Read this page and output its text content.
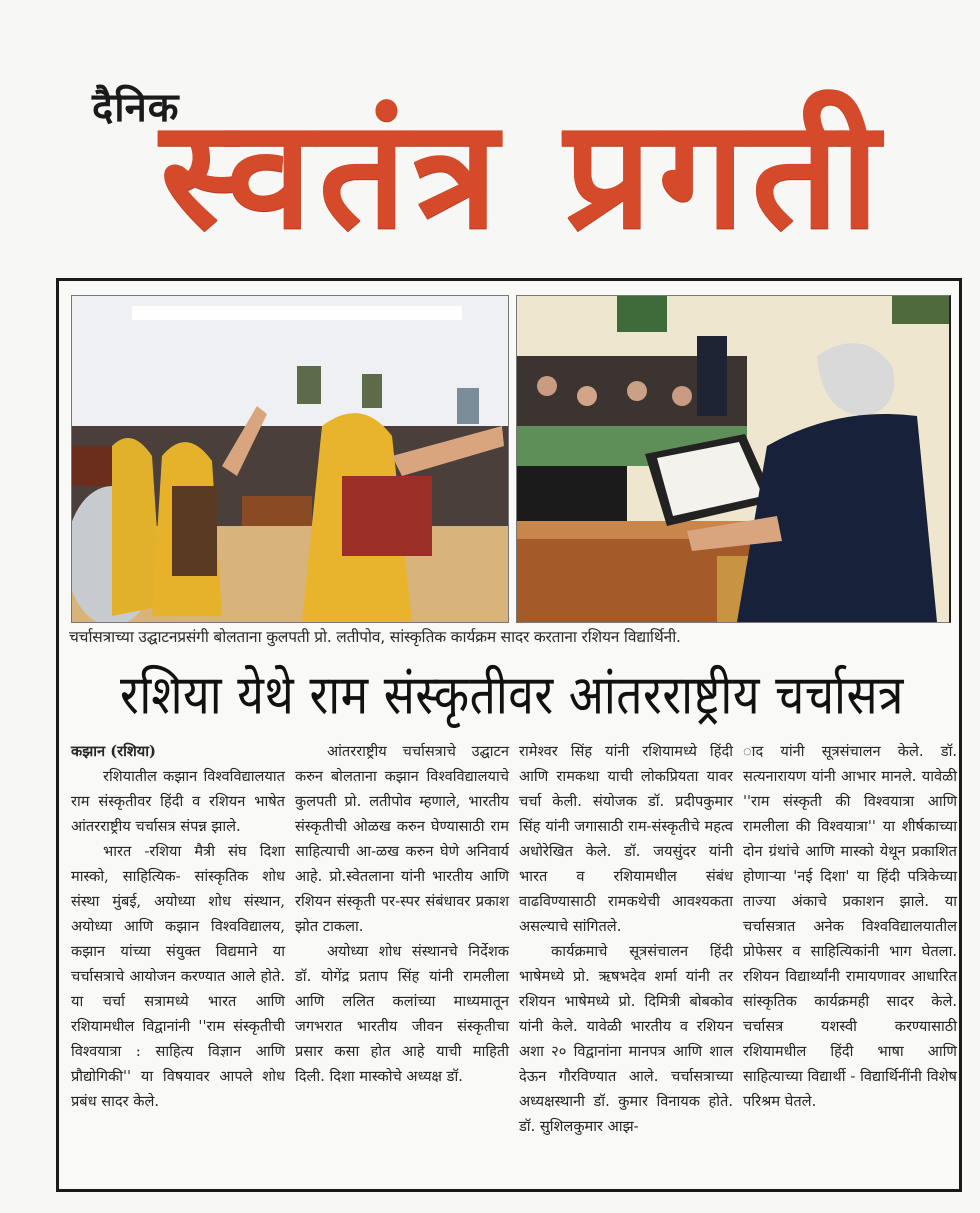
दैनिक
स्वतंत्र प्रगती
चर्चासत्राच्या उद्घाटनप्रसंगी बोलताना कुलपती प्रो. लतीपोव, सांस्कृतिक कार्यक्रम सादर करताना रशियन विद्यार्थिनी.
रशिया येथे राम संस्कृतीवर आंतरराष्ट्रीय चर्चासत्र
कझान (रशिया)

रशियातील कझान विश्वविद्यालयात राम संस्कृतीवर हिंदी व रशियन भाषेत आंतरराष्ट्रीय चर्चासत्र संपन्न झाले.

भारत -रशिया मैत्री संघ दिशा मास्को, साहित्यिक- सांस्कृतिक शोध संस्था मुंबई, अयोध्या शोध संस्थान, अयोध्या आणि कझान विश्वविद्यालय, कझान यांच्या संयुक्त विद्यमाने या चर्चासत्राचे आयोजन करण्यात आले होते. या चर्चा सत्रामध्ये भारत आणि रशियामधील विद्वानांनी ''राम संस्कृतीची विश्वयात्रा : साहित्य विज्ञान आणि प्रौद्योगिकी'' या विषयावर आपले शोध प्रबंध सादर केले.

आंतरराष्ट्रीय चर्चासत्राचे उद्घाटन करुन बोलताना कझान विश्वविद्यालयाचे कुलपती प्रो. लतीपोव म्हणाले, भारतीय संस्कृतीची ओळख करुन घेण्यासाठी राम साहित्याची आ-ळख करुन घेणे अनिवार्य आहे. प्रो.स्वेतलाना यांनी भारतीय आणि रशियन संस्कृती पर-स्पर संबंधावर प्रकाश झोत टाकला.

अयोध्या शोध संस्थानचे निर्देशक डॉ. योगेंद्र प्रताप सिंह यांनी रामलीला आणि ललित कलांच्या माध्यमातून जगभरात भारतीय जीवन संस्कृतीचा प्रसार कसा होत आहे याची माहिती दिली. दिशा मास्कोचे अध्यक्ष डॉ.

रामेश्वर सिंह यांनी रशियामध्ये हिंदी आणि रामकथा याची लोकप्रियता यावर चर्चा केली. संयोजक डॉ. प्रदीपकुमार सिंह यांनी जगासाठी राम-संस्कृतीचे महत्व अधोरेखित केले. डॉ. जयसुंदर यांनी भारत व रशियामधील संबंध वाढविण्यासाठी रामकथेची आवश्यकता असल्याचे सांगितले.

कार्यक्रमाचे सूत्रसंचालन हिंदी भाषेमध्ये प्रो. ऋषभदेव शर्मा यांनी तर रशियन भाषेमध्ये प्रो. दिमित्री बोबकोव यांनी केले. यावेळी भारतीय व रशियन अशा २० विद्वानांना मानपत्र आणि शाल देऊन गौरविण्यात आले. चर्चासत्राच्या अध्यक्षस्थानी डॉ. कुमार विनायक होते. डॉ. सुशिलकुमार आझ-

ाद यांनी सूत्रसंचालन केले. डॉ. सत्यनारायण यांनी आभार मानले. यावेळी ''राम संस्कृती की विश्वयात्रा आणि रामलीला की विश्वयात्रा'' या शीर्षकाच्या दोन ग्रंथांचे आणि मास्को येथून प्रकाशित होणाऱ्या 'नई दिशा' या हिंदी पत्रिकेच्या ताज्या अंकाचे प्रकाशन झाले. या चर्चासत्रात अनेक विश्वविद्यालयातील प्रोफेसर व साहित्यिकांनी भाग घेतला. रशियन विद्यार्थ्यांनी रामायणावर आधारित सांस्कृतिक कार्यक्रमही सादर केले. चर्चासत्र यशस्वी करण्यासाठी रशियामधील हिंदी भाषा आणि साहित्याच्या विद्यार्थी - विद्यार्थिनींनी विशेष परिश्रम घेतले.
